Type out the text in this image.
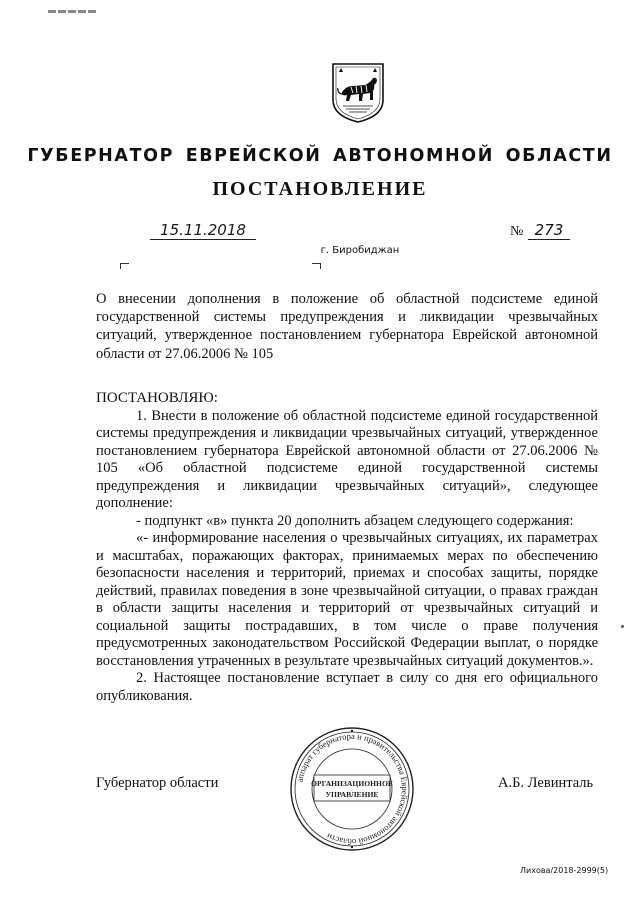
ГУБЕРНАТОР ЕВРЕЙСКОЙ АВТОНОМНОЙ ОБЛАСТИ
ПОСТАНОВЛЕНИЕ
15.11.2018	№ 273
г. Биробиджан
О внесении дополнения в положение об областной подсистеме единой государственной системы предупреждения и ликвидации чрезвычайных ситуаций, утвержденное постановлением губернатора Еврейской автономной области от 27.06.2006 № 105

ПОСТАНОВЛЯЮ:

1. Внести в положение об областной подсистеме единой государственной системы предупреждения и ликвидации чрезвычайных ситуаций, утвержденное постановлением губернатора Еврейской автономной области от 27.06.2006 № 105 «Об областной подсистеме единой государственной системы предупреждения и ликвидации чрезвычайных ситуаций», следующее дополнение:

- подпункт «в» пункта 20 дополнить абзацем следующего содержания:

«- информирование населения о чрезвычайных ситуациях, их параметрах и масштабах, поражающих факторах, принимаемых мерах по обеспечению безопасности населения и территорий, приемах и способах защиты, порядке действий, правилах поведения в зоне чрезвычайной ситуации, о правах граждан в области защиты населения и территорий от чрезвычайных ситуаций и социальной защиты пострадавших, в том числе о праве получения предусмотренных законодательством Российской Федерации выплат, о порядке восстановления утраченных в результате чрезвычайных ситуаций документов.».

2. Настоящее постановление вступает в силу со дня его официального опубликования.

Губернатор области	А.Б. Левинталь
аппарат губернатора и правительства Еврейской автономной области
ОРГАНИЗАЦИОННОЕ
УПРАВЛЕНИЕ
Лихова/2018-2999(5)
